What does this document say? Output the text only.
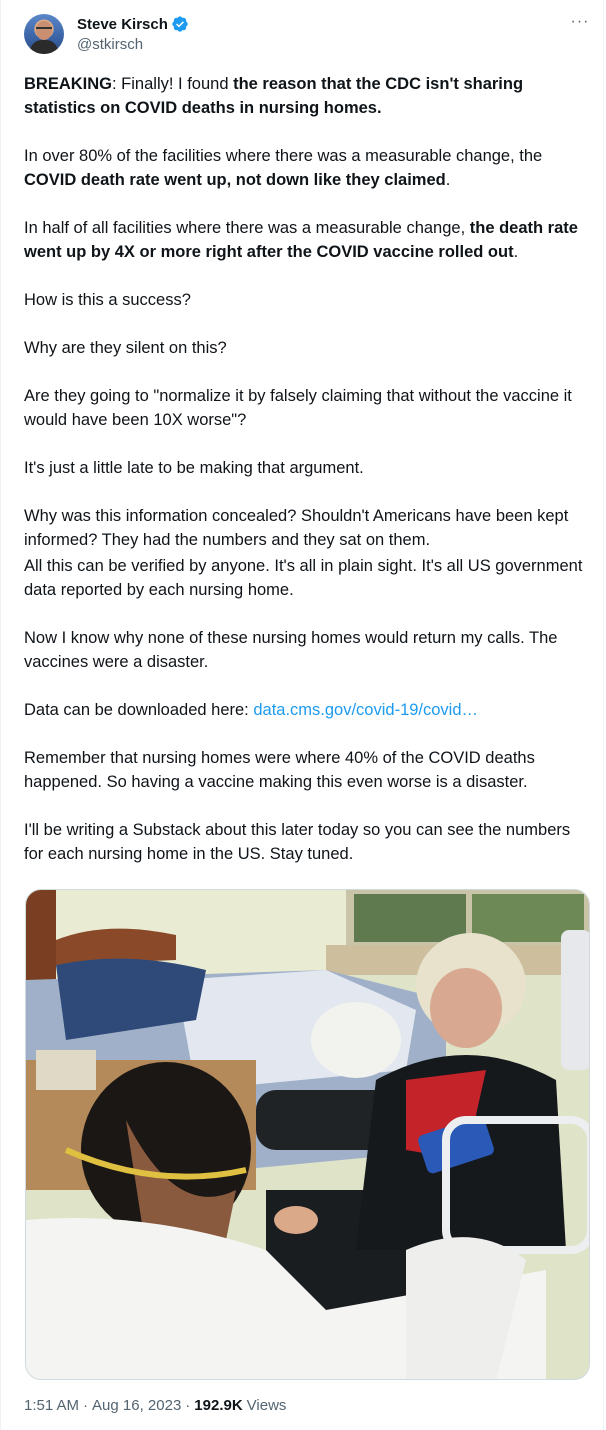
Steve Kirsch
@stkirsch
···

BREAKING: Finally! I found the reason that the CDC isn't sharing statistics on COVID deaths in nursing homes.

In over 80% of the facilities where there was a measurable change, the COVID death rate went up, not down like they claimed.

In half of all facilities where there was a measurable change, the death rate went up by 4X or more right after the COVID vaccine rolled out.

How is this a success?

Why are they silent on this?

Are they going to "normalize it by falsely claiming that without the vaccine it would have been 10X worse"?

It's just a little late to be making that argument.

Why was this information concealed? Shouldn't Americans have been kept informed? They had the numbers and they sat on them.

All this can be verified by anyone. It's all in plain sight. It's all US government data reported by each nursing home.

Now I know why none of these nursing homes would return my calls. The vaccines were a disaster.

Data can be downloaded here: data.cms.gov/covid-19/covid…

Remember that nursing homes were where 40% of the COVID deaths happened. So having a vaccine making this even worse is a disaster.

I'll be writing a Substack about this later today so you can see the numbers for each nursing home in the US. Stay tuned.

1:51 AM · Aug 16, 2023 · 192.9K Views
